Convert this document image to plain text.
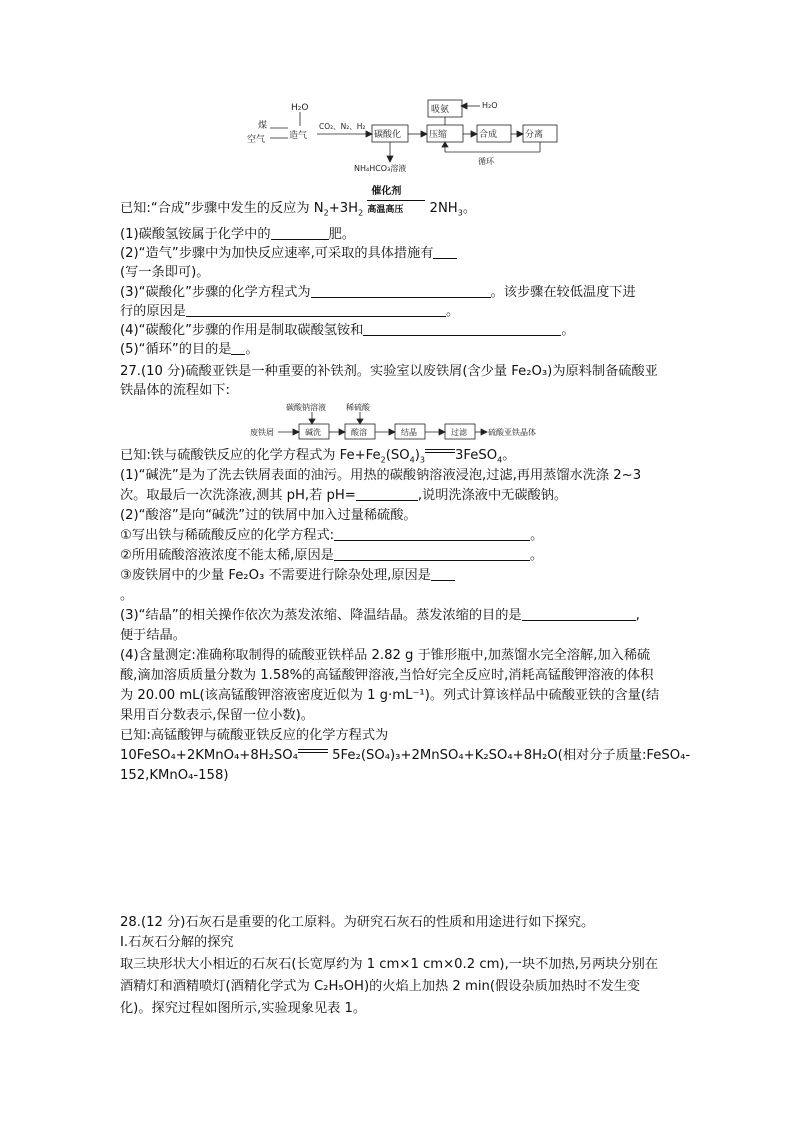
煤
空气
H₂O
造气
CO₂、N₂、H₂
碳酸化
NH₄HCO₃溶液
压缩	合成	分离
吸氨	H₂O
循环
已知:“合成”步骤中发生的反应为 $N_2+3H_2$
催化剂
高温高压 $2NH_3$。
(1)碳酸氢铵属于化学中的	肥。
(2)“造气”步骤中为加快反应速率,可采取的具体措施有
(写一条即可)。
(3)“碳酸化”步骤的化学方程式为	。该步骤在较低温度下进
行的原因是	。
(4)“碳酸化”步骤的作用是制取碳酸氢铵和	。
(5)“循环”的目的是 。
27.(10 分)硫酸亚铁是一种重要的补铁剂。实验室以废铁屑(含少量 Fe₂O₃)为原料制备硫酸亚
铁晶体的流程如下:
碳酸钠溶液	稀硫酸
废铁屑	碱洗	酸溶	结晶	过滤	硫酸亚铁晶体
已知:铁与硫酸铁反应的化学方程式为 $Fe+Fe_2(SO_4)_3$ 3FeSO$_4$。
(1)“碱洗”是为了洗去铁屑表面的油污。用热的碳酸钠溶液浸泡,过滤,再用蒸馏水洗涤 2~3
次。取最后一次洗涤液,测其 pH,若 pH=	,说明洗涤液中无碳酸钠。
(2)“酸溶”是向“碱洗”过的铁屑中加入过量稀硫酸。
①写出铁与稀硫酸反应的化学方程式:	。
②所用硫酸溶液浓度不能太稀,原因是	。
③废铁屑中的少量 Fe₂O₃ 不需要进行除杂处理,原因是
。
(3)“结晶”的相关操作依次为蒸发浓缩、降温结晶。蒸发浓缩的目的是	,
便于结晶。
(4)含量测定:准确称取制得的硫酸亚铁样品 2.82 g 于锥形瓶中,加蒸馏水完全溶解,加入稀硫
酸,滴加溶质质量分数为 1.58%的高锰酸钾溶液,当恰好完全反应时,消耗高锰酸钾溶液的体积
为 20.00 mL(该高锰酸钾溶液密度近似为 1 g·mL⁻¹)。列式计算该样品中硫酸亚铁的含量(结
果用百分数表示,保留一位小数)。
已知:高锰酸钾与硫酸亚铁反应的化学方程式为
10FeSO₄+2KMnO₄+8H₂SO₄ 5Fe₂(SO₄)₃+2MnSO₄+K₂SO₄+8H₂O(相对分子质量:FeSO₄-
152,KMnO₄-158)
28.(12 分)石灰石是重要的化工原料。为研究石灰石的性质和用途进行如下探究。
Ⅰ.石灰石分解的探究
取三块形状大小相近的石灰石(长宽厚约为 1 cm×1 cm×0.2 cm),一块不加热,另两块分别在
酒精灯和酒精喷灯(酒精化学式为 C₂H₅OH)的火焰上加热 2 min(假设杂质加热时不发生变
化)。探究过程如图所示,实验现象见表 1。
